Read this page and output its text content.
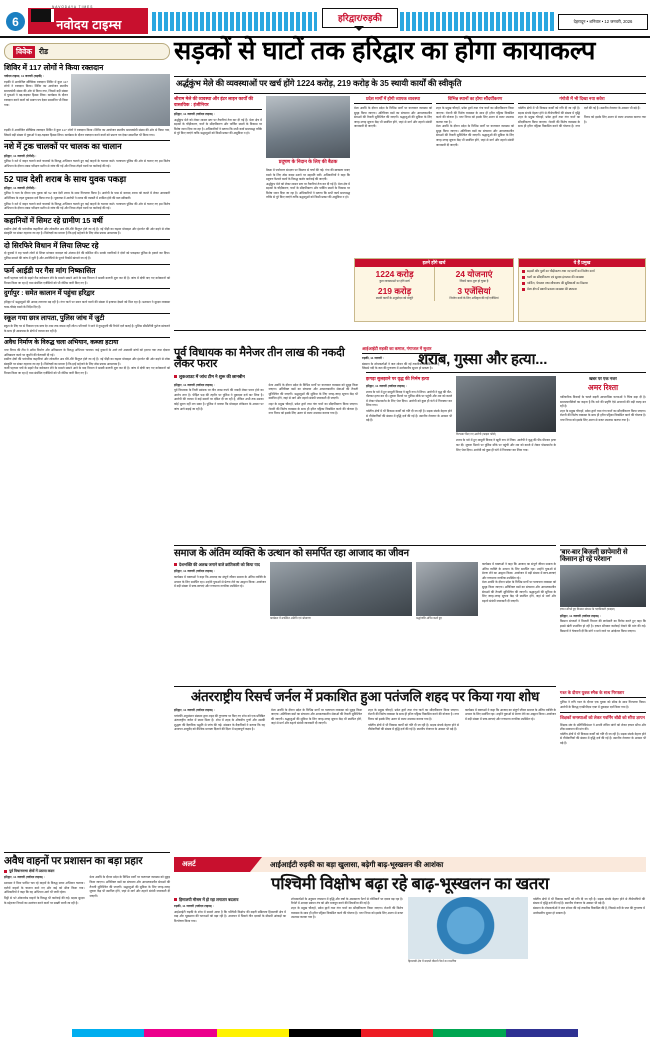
6	नवोदय टाइम्स
NAVODAYA TIMES
हरिद्वार/रुड़की	देहरादून • शनिवार • 12 जनवरी, 2026
विवेक रीड	सड़कों से घाटों तक हरिद्वार का होगा कायाकल्प
अर्द्धकुंभ मेले की व्यवस्थाओं पर खर्च होंगे 1224 करोड़, 219 करोड़ के 35 स्थायी कार्यों की स्वीकृति
शिविर में 117 लोगों ने किया रक्तदान

नवोदय टाइम्स, 11 जनवरी (रुड़की) :

रुड़की में आयोजित स्वैच्छिक रक्तदान शिविर में कुल 117 लोगों ने रक्तदान किया। शिविर का आयोजन स्थानीय समाजसेवी संस्था की ओर से किया गया, जिसमें बड़ी संख्या में युवाओं ने बढ़-चढ़कर हिस्सा लिया। कार्यक्रम के दौरान रक्तदान करने वालों को प्रमाण पत्र देकर सम्मानित भी किया गया।

रुड़की में आयोजित स्वैच्छिक रक्तदान शिविर में कुल 117 लोगों ने रक्तदान किया। शिविर का आयोजन स्थानीय समाजसेवी संस्था की ओर से किया गया, जिसमें बड़ी संख्या में युवाओं ने बढ़-चढ़कर हिस्सा लिया। कार्यक्रम के दौरान रक्तदान करने वालों को प्रमाण पत्र देकर सम्मानित भी किया गया।
नशे में ट्रक चालकों पर चालक का चालान

हरिद्वार, 11 जनवरी (ऐजेंसी) :

पुलिस ने नशे में वाहन चलाने वाले चालकों के विरुद्ध अभियान चलाते हुए कई वाहनों के चालान काटे। यातायात पुलिस की ओर से चलाए गए इस विशेष अभियान के दौरान श्वास परीक्षण मशीन से जांच की गई और नियम तोड़ने वालों पर कार्रवाई की गई।

52 पाव देशी शराब के साथ युवक पकड़ा

हरिद्वार, 11 जनवरी (ऐजेंसी) :

पुलिस ने गश्त के दौरान एक युवक को 52 पाव देशी शराब के साथ गिरफ्तार किया है। आरोपी के पास से बरामद शराब को कब्जे में लेकर आबकारी अधिनियम के तहत मुकदमा दर्ज किया गया है। पूछताछ में आरोपी ने शराब की तस्करी में शामिल होने की बात स्वीकारी।

पुलिस ने नशे में वाहन चलाने वाले चालकों के विरुद्ध अभियान चलाते हुए कई वाहनों के चालान काटे। यातायात पुलिस की ओर से चलाए गए इस विशेष अभियान के दौरान श्वास परीक्षण मशीन से जांच की गई और नियम तोड़ने वालों पर कार्रवाई की गई।

कहानियों में सिमट रहे ग्रामीण 15 वर्षी
ग्रामीण क्षेत्रों की पारंपरिक कहानियां और लोकगीत अब धीरे-धीरे विलुप्त होते जा रहे हैं। नई पीढ़ी का रुझान मोबाइल और इंटरनेट की ओर बढ़ने से लोक संस्कृति पर संकट गहराता जा रहा है। विशेषज्ञों का मानना है कि इन्हें सहेजने के लिए ठोस प्रयास आवश्यक हैं।
दो सिरफिरे विधान में लिया लिफ्ट रहे
दो युवकों ने राह चलते लोगों से लिफ्ट मांगकर वारदात को अंजाम देने की कोशिश की। सतर्क नागरिकों ने दोनों को पकड़कर पुलिस के हवाले कर दिया। पुलिस मामले की जांच में जुटी है और आरोपियों के पुराने रिकॉर्ड खंगाले जा रहे हैं।
फर्म आईडी पर गैस मांग निष्कासित
फर्जी पहचान पत्रों के सहारे गैस कनेक्शन लेने के मामले सामने आने के बाद विभाग ने सख्ती बरतनी शुरू कर दी है। जांच में दोषी पाए गए कनेक्शनों को निरस्त किया जा रहा है तथा संबंधित एजेंसियों को भी नोटिस जारी किए गए हैं।
दुर्गापुर : समेत कालान में पहुंचा हरिद्वार
हरिद्वार में श्रद्धालुओं की आमद लगातार बढ़ रही है। गंगा घाटों पर स्नान करने वालों की संख्या में इजाफा देखने को मिल रहा है। प्रशासन ने सुरक्षा व्यवस्था चाक-चौबंद रखने के निर्देश दिए हैं।
स्कूल गया छात्र लापता, पुलिस जांच में जुटी
स्कूल के लिए घर से निकला एक छात्र देर शाम तक वापस नहीं लौटा। परिजनों ने थाने में गुमशुदगी की रिपोर्ट दर्ज कराई है। पुलिस सीसीटीवी फुटेज खंगालने के साथ ही आसपास के क्षेत्रों में तलाश कर रही है।
अवैध निर्माण के विरुद्ध चला अभियान, कब्जा हटाया
नगर निगम की टीम ने अवैध निर्माण और अतिक्रमण के विरुद्ध अभियान चलाया। कई दुकानों के आगे लगे अस्थायी ढांचों को हटाया गया तथा दोबारा अतिक्रमण करने पर जुर्माने की चेतावनी दी गई।
ग्रामीण क्षेत्रों की पारंपरिक कहानियां और लोकगीत अब धीरे-धीरे विलुप्त होते जा रहे हैं। नई पीढ़ी का रुझान मोबाइल और इंटरनेट की ओर बढ़ने से लोक संस्कृति पर संकट गहराता जा रहा है। विशेषज्ञों का मानना है कि इन्हें सहेजने के लिए ठोस प्रयास आवश्यक हैं।
फर्जी पहचान पत्रों के सहारे गैस कनेक्शन लेने के मामले सामने आने के बाद विभाग ने सख्ती बरतनी शुरू कर दी है। जांच में दोषी पाए गए कनेक्शनों को निरस्त किया जा रहा है तथा संबंधित एजेंसियों को भी नोटिस जारी किए गए हैं।
श्रीराम मेले की व्यवस्था और इंटर लाइन कार्यों की वास्तविक : इंजीनियर

हरिद्वार, 11 जनवरी (नवोदय टाइम्स) :

अर्द्धकुंभ मेले को लेकर शासन स्तर पर तैयारियां तेज कर दी गई हैं। मेला क्षेत्र में सड़कों के चौड़ीकरण, घाटों के सौंदर्यीकरण और पार्किंग स्थलों के विकास पर विशेष ध्यान दिया जा रहा है। अधिकारियों ने बताया कि सभी कार्य समयबद्ध तरीके से पूरे किए जाएंगे ताकि श्रद्धालुओं को किसी प्रकार की असुविधा न हो।

प्रदूषण के निदान के लिए की बैठक
बैठक में पर्यावरण संरक्षण पर विस्तार से चर्चा की गई। गंगा की स्वच्छता बनाए रखने के लिए ठोस कदम उठाने पर सहमति बनी। अधिकारियों ने कहा कि प्रदूषण फैलाने वालों के विरुद्ध कठोर कार्रवाई की जाएगी।
अर्द्धकुंभ मेले को लेकर शासन स्तर पर तैयारियां तेज कर दी गई हैं। मेला क्षेत्र में सड़कों के चौड़ीकरण, घाटों के सौंदर्यीकरण और पार्किंग स्थलों के विकास पर विशेष ध्यान दिया जा रहा है। अधिकारियों ने बताया कि सभी कार्य समयबद्ध तरीके से पूरे किए जाएंगे ताकि श्रद्धालुओं को किसी प्रकार की असुविधा न हो।
प्रदेश मार्गों में होगी व्यापक व्यवस्था
मेला अवधि के दौरान प्रदेश के विभिन्न मार्गों पर यातायात व्यवस्था को सुदृढ़ किया जाएगा। अतिरिक्त बसों का संचालन और आपातकालीन सेवाओं की तैनाती सुनिश्चित की जाएगी। श्रद्धालुओं की सुविधा के लिए जगह-जगह सूचना केंद्र भी स्थापित होंगे, जहां से मार्ग और ठहरने संबंधी जानकारी दी जाएगी।
विभिन्न स्थानों का होगा सौंदर्यीकरण
शहर के प्रमुख चौराहों, प्रवेश द्वारों तथा गंगा घाटों का सौंदर्यीकरण किया जाएगा। रोशनी की विशेष व्यवस्था के साथ ही हरित पट्टिका विकसित करने की योजना है। नगर निगम को इसके लिए अलग से बजट उपलब्ध कराया गया है।
मेला अवधि के दौरान प्रदेश के विभिन्न मार्गों पर यातायात व्यवस्था को सुदृढ़ किया जाएगा। अतिरिक्त बसों का संचालन और आपातकालीन सेवाओं की तैनाती सुनिश्चित की जाएगी। श्रद्धालुओं की सुविधा के लिए जगह-जगह सूचना केंद्र भी स्थापित होंगे, जहां से मार्ग और ठहरने संबंधी जानकारी दी जाएगी।
गंगोत्री में भी दिखा नया सवेरा
पर्वतीय क्षेत्रों में भी विकास कार्यों को गति दी जा रही है। सड़क संपर्क बेहतर होने से तीर्थयात्रियों की संख्या में वृद्धि दर्ज की गई है। स्थानीय रोजगार के अवसर भी बढ़े हैं।
शहर के प्रमुख चौराहों, प्रवेश द्वारों तथा गंगा घाटों का सौंदर्यीकरण किया जाएगा। रोशनी की विशेष व्यवस्था के साथ ही हरित पट्टिका विकसित करने की योजना है। नगर निगम को इसके लिए अलग से बजट उपलब्ध कराया गया है।
इतने होंगे खर्च
1224 करोड़
कुल व्यवस्थाओं पर होंगे खर्च
219 करोड़
स्थायी कार्यों के अनुमोदन को मंजूरी
24 योजनाएं
जिनमें काम शुरू हो चुका है
3 एजेंसियां
निर्माण कार्य के लिए अधिकृत की गईं एजेंसियां
ये हैं प्रमुख
सड़कों और पुलों का चौड़ीकरण तथा नए मार्गों का निर्माण कार्य
घाटों का सौंदर्यीकरण एवं सुरक्षा इंतजाम की व्यवस्था
पार्किंग, पेयजल तथा शौचालय की सुविधाओं का विस्तार
मेला क्षेत्र में स्थायी प्रकाश व्यवस्था की स्थापना
पूर्व विधायक का मैनेजर तीन लाख की नकदी लेकर फरार
लुकआउट में जांच टीम ने शुरू की छानबीन

हरिद्वार, 11 जनवरी (नवोदय टाइम्स) :

पूर्व विधायक के निजी प्रबंधक पर तीन लाख रुपये की नकदी लेकर फरार होने का आरोप लगा है। पीड़ित पक्ष की तहरीर पर पुलिस ने मुकदमा दर्ज कर लिया है। आरोपी की तलाश में कई स्थानों पर दबिश दी जा रही है, लेकिन अभी तक उसका कोई सुराग नहीं लग सका है। पुलिस ने बताया कि मोबाइल लोकेशन के आधार पर जांच आगे बढ़ाई जा रही है।

मेला अवधि के दौरान प्रदेश के विभिन्न मार्गों पर यातायात व्यवस्था को सुदृढ़ किया जाएगा। अतिरिक्त बसों का संचालन और आपातकालीन सेवाओं की तैनाती सुनिश्चित की जाएगी। श्रद्धालुओं की सुविधा के लिए जगह-जगह सूचना केंद्र भी स्थापित होंगे, जहां से मार्ग और ठहरने संबंधी जानकारी दी जाएगी।

शहर के प्रमुख चौराहों, प्रवेश द्वारों तथा गंगा घाटों का सौंदर्यीकरण किया जाएगा। रोशनी की विशेष व्यवस्था के साथ ही हरित पट्टिका विकसित करने की योजना है। नगर निगम को इसके लिए अलग से बजट उपलब्ध कराया गया है।

आईआईटी रुड़की का कमाल, गंगाजल में सुधार

रुड़की, 11 जनवरी :

संस्थान के शोधकर्ताओं ने जल शोधन की नई तकनीक विकसित की है, जिससे नदी के जल की गुणवत्ता में उल्लेखनीय सुधार हो सकता है।

शराब, गुस्सा और हत्या...
झगड़ा सुलझाने पर वृद्ध की निर्मम हत्या

हरिद्वार, 11 जनवरी (नवोदय टाइम्स) :

शराब के नशे में हुए मामूली विवाद ने खूनी रूप ले लिया। आरोपी ने वृद्ध की पीट-पीटकर हत्या कर दी। सूचना मिलने पर पुलिस मौके पर पहुंची और शव को कब्जे में लेकर पोस्टमार्टम के लिए भेज दिया। आरोपी को कुछ ही घंटों में गिरफ्तार कर लिया गया।

पर्वतीय क्षेत्रों में भी विकास कार्यों को गति दी जा रही है। सड़क संपर्क बेहतर होने से तीर्थयात्रियों की संख्या में वृद्धि दर्ज की गई है। स्थानीय रोजगार के अवसर भी बढ़े हैं।

गिरफ्तार किए गए आरोपी (फाइल फोटो)
शराब के नशे में हुए मामूली विवाद ने खूनी रूप ले लिया। आरोपी ने वृद्ध की पीट-पीटकर हत्या कर दी। सूचना मिलने पर पुलिस मौके पर पहुंची और शव को कब्जे में लेकर पोस्टमार्टम के लिए भेज दिया। आरोपी को कुछ ही घंटों में गिरफ्तार कर लिया गया।
खबर पर एक नजर
अमर रिश्ता
पारिवारिक विवादों के चलते बढ़ती आपराधिक घटनाओं ने चिंता बढ़ा दी है। समाजशास्त्रियों का कहना है कि नशे की प्रवृत्ति ऐसे अपराधों की बड़ी वजह बन रही है।
शहर के प्रमुख चौराहों, प्रवेश द्वारों तथा गंगा घाटों का सौंदर्यीकरण किया जाएगा। रोशनी की विशेष व्यवस्था के साथ ही हरित पट्टिका विकसित करने की योजना है। नगर निगम को इसके लिए अलग से बजट उपलब्ध कराया गया है।
समाज के अंतिम व्यक्ति के उत्थान को समर्पित रहा आजाद का जीवन
देशभक्ति की अलख जगाने वाले क्रांतिकारी को किया याद

हरिद्वार, 11 जनवरी (नवोदय टाइम्स) :

कार्यक्रम में वक्ताओं ने कहा कि आजाद का संपूर्ण जीवन समाज के अंतिम व्यक्ति के उत्थान के लिए समर्पित रहा। उन्होंने युवाओं से प्रेरणा लेने का आह्वान किया। आयोजन में बड़ी संख्या में छात्र-छात्राएं और गणमान्य नागरिक उपस्थित रहे।

कार्यक्रम में उपस्थित अतिथि एवं श्रोतागण	श्रद्धांजलि अर्पित करते हुए
कार्यक्रम में वक्ताओं ने कहा कि आजाद का संपूर्ण जीवन समाज के अंतिम व्यक्ति के उत्थान के लिए समर्पित रहा। उन्होंने युवाओं से प्रेरणा लेने का आह्वान किया। आयोजन में बड़ी संख्या में छात्र-छात्राएं और गणमान्य नागरिक उपस्थित रहे।
मेला अवधि के दौरान प्रदेश के विभिन्न मार्गों पर यातायात व्यवस्था को सुदृढ़ किया जाएगा। अतिरिक्त बसों का संचालन और आपातकालीन सेवाओं की तैनाती सुनिश्चित की जाएगी। श्रद्धालुओं की सुविधा के लिए जगह-जगह सूचना केंद्र भी स्थापित होंगे, जहां से मार्ग और ठहरने संबंधी जानकारी दी जाएगी।
'बार-बार बिजली छापेमारी से किसान हो रहे परेशान'
ज्ञापन सौंपते हुए किसान संगठन के पदाधिकारी (फाइल)

हरिद्वार, 11 जनवरी (नवोदय टाइम्स) :

किसान संगठनों ने बिजली विभाग की छापेमारी का विरोध करते हुए कहा कि इससे खेती प्रभावित हो रही है। ज्ञापन सौंपकर कार्रवाई रोकने की मांग की गई। किसानों ने चेतावनी दी कि मांगें न माने जाने पर आंदोलन किया जाएगा।

अंतरराष्ट्रीय रिसर्च जर्नल में प्रकाशित हुआ पतंजलि शहद पर किया गया शोध

हरिद्वार, 11 जनवरी (नवोदय टाइम्स) :

पतंजलि अनुसंधान संस्थान द्वारा शहद की गुणवत्ता पर किए गए शोध को एक प्रतिष्ठित अंतरराष्ट्रीय जर्नल में स्थान मिला है। शोध में शहद के औषधीय गुणों और उसकी शुद्धता की वैज्ञानिक पद्धति से जांच की गई। संस्थान के वैज्ञानिकों ने बताया कि यह अध्ययन आयुर्वेद को वैश्विक मान्यता दिलाने की दिशा में महत्वपूर्ण कदम है।

मेला अवधि के दौरान प्रदेश के विभिन्न मार्गों पर यातायात व्यवस्था को सुदृढ़ किया जाएगा। अतिरिक्त बसों का संचालन और आपातकालीन सेवाओं की तैनाती सुनिश्चित की जाएगी। श्रद्धालुओं की सुविधा के लिए जगह-जगह सूचना केंद्र भी स्थापित होंगे, जहां से मार्ग और ठहरने संबंधी जानकारी दी जाएगी।

शहर के प्रमुख चौराहों, प्रवेश द्वारों तथा गंगा घाटों का सौंदर्यीकरण किया जाएगा। रोशनी की विशेष व्यवस्था के साथ ही हरित पट्टिका विकसित करने की योजना है। नगर निगम को इसके लिए अलग से बजट उपलब्ध कराया गया है।

पर्वतीय क्षेत्रों में भी विकास कार्यों को गति दी जा रही है। सड़क संपर्क बेहतर होने से तीर्थयात्रियों की संख्या में वृद्धि दर्ज की गई है। स्थानीय रोजगार के अवसर भी बढ़े हैं।

कार्यक्रम में वक्ताओं ने कहा कि आजाद का संपूर्ण जीवन समाज के अंतिम व्यक्ति के उत्थान के लिए समर्पित रहा। उन्होंने युवाओं से प्रेरणा लेने का आह्वान किया। आयोजन में बड़ी संख्या में छात्र-छात्राएं और गणमान्य नागरिक उपस्थित रहे।

गश्त के दौरान युवक स्मैक के साथ गिरफ्तार
पुलिस ने रात्रि गश्त के दौरान एक युवक को स्मैक के साथ गिरफ्तार किया। आरोपी के विरुद्ध एनडीपीएस एक्ट में मुकदमा दर्ज किया गया है।
शिक्षकों समस्याओं को लेकर गवर्निंग बॉडी को सौंपा ज्ञापन
शिक्षक संघ के प्रतिनिधिमंडल ने अपनी लंबित मांगों को लेकर ज्ञापन सौंपा और शीघ्र समाधान की मांग की।
पर्वतीय क्षेत्रों में भी विकास कार्यों को गति दी जा रही है। सड़क संपर्क बेहतर होने से तीर्थयात्रियों की संख्या में वृद्धि दर्ज की गई है। स्थानीय रोजगार के अवसर भी बढ़े हैं।
अवैध वाहनों पर प्रशासन का बड़ा प्रहार
पूर्व विधानसभा क्षेत्रों में उठाया कदम

हरिद्वार, 11 जनवरी (नवोदय टाइम्स) :

प्रशासन ने बिना परमिट चल रहे वाहनों के विरुद्ध सघन अभियान चलाया। दर्जनों वाहनों के चालान काटे गए और कई को सीज किया गया। अधिकारियों ने कहा कि यह अभियान आगे भी जारी रहेगा।

मिट्टी से भरे ओवरलोड वाहनों के विरुद्ध भी कार्रवाई की गई। सड़क सुरक्षा के मद्देनजर नियमों का उल्लंघन करने वालों पर सख्ती बरती जा रही है।

मेला अवधि के दौरान प्रदेश के विभिन्न मार्गों पर यातायात व्यवस्था को सुदृढ़ किया जाएगा। अतिरिक्त बसों का संचालन और आपातकालीन सेवाओं की तैनाती सुनिश्चित की जाएगी। श्रद्धालुओं की सुविधा के लिए जगह-जगह सूचना केंद्र भी स्थापित होंगे, जहां से मार्ग और ठहरने संबंधी जानकारी दी जाएगी।

अलर्ट	आईआईटी रुड़की का बड़ा खुलासा, बढ़ेगी बाढ़-भूस्खलन की आशंका
पश्चिमी विक्षोभ बढ़ा रहे बाढ़-भूस्खलन का खतरा
हिमालयी मौसम में हो रहा लगातार बदलाव

रुड़की, 11 जनवरी (नवोदय टाइम्स) :

आईआईटी रुड़की के शोध में सामने आया है कि पश्चिमी विक्षोभ की बढ़ती सक्रियता हिमालयी क्षेत्र में बाढ़ और भूस्खलन की घटनाओं को बढ़ा रही है। अध्ययन में पिछले तीन दशकों के मौसमी आंकड़ों का विश्लेषण किया गया।

शोधकर्ताओं के अनुसार तापमान में वृद्धि और वर्षा के असामान्य पैटर्न से ग्लेशियरों पर दबाव बढ़ रहा है। रिपोर्ट में आपदा प्रबंधन तंत्र को और मजबूत करने की सिफारिश की गई है।
शहर के प्रमुख चौराहों, प्रवेश द्वारों तथा गंगा घाटों का सौंदर्यीकरण किया जाएगा। रोशनी की विशेष व्यवस्था के साथ ही हरित पट्टिका विकसित करने की योजना है। नगर निगम को इसके लिए अलग से बजट उपलब्ध कराया गया है।
हिमालयी क्षेत्र में बदलते मौसमी पैटर्न का मानचित्र
पर्वतीय क्षेत्रों में भी विकास कार्यों को गति दी जा रही है। सड़क संपर्क बेहतर होने से तीर्थयात्रियों की संख्या में वृद्धि दर्ज की गई है। स्थानीय रोजगार के अवसर भी बढ़े हैं।
संस्थान के शोधकर्ताओं ने जल शोधन की नई तकनीक विकसित की है, जिससे नदी के जल की गुणवत्ता में उल्लेखनीय सुधार हो सकता है।
